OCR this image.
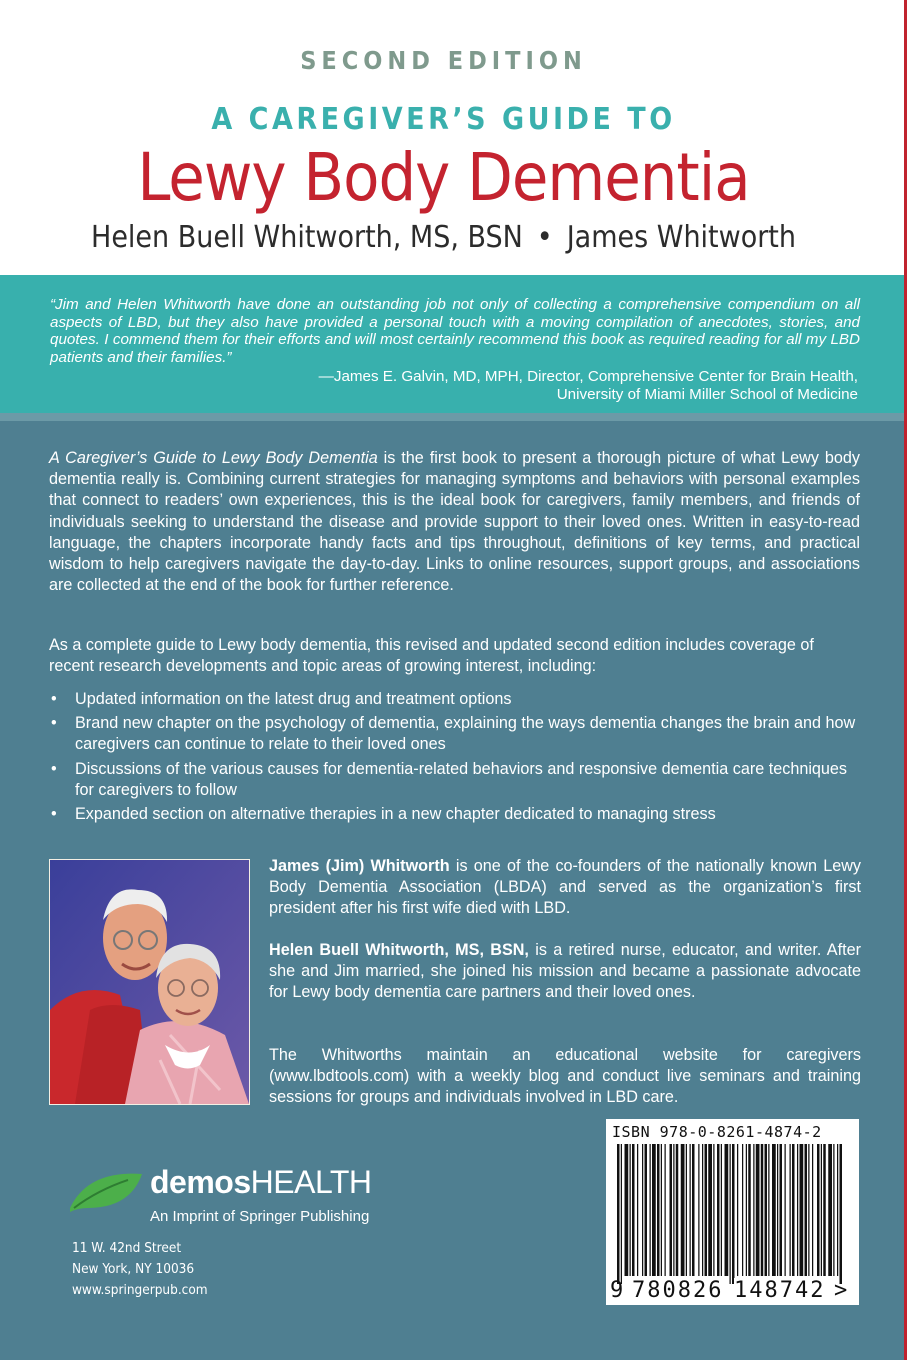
SECOND EDITION
A CAREGIVER’S GUIDE TO
Lewy Body Dementia
Helen Buell Whitworth, MS, BSN • James Whitworth
“Jim and Helen Whitworth have done an outstanding job not only of collecting a comprehensive compendium on all aspects of LBD, but they also have provided a personal touch with a moving compilation of anecdotes, stories, and quotes. I commend them for their efforts and will most certainly recommend this book as required reading for all my LBD patients and their families.”
—James E. Galvin, MD, MPH, Director, Comprehensive Center for Brain Health,
University of Miami Miller School of Medicine
A Caregiver’s Guide to Lewy Body Dementia is the first book to present a thorough picture of what Lewy body dementia really is. Combining current strategies for managing symptoms and behaviors with personal examples that connect to readers’ own experiences, this is the ideal book for caregivers, family members, and friends of individuals seeking to understand the disease and provide support to their loved ones. Written in easy-to-read language, the chapters incorporate handy facts and tips throughout, definitions of key terms, and practical wisdom to help caregivers navigate the day-to-day. Links to online resources, support groups, and associations are collected at the end of the book for further reference.
As a complete guide to Lewy body dementia, this revised and updated second edition includes coverage of recent research developments and topic areas of growing interest, including:
• Updated information on the latest drug and treatment options
• Brand new chapter on the psychology of dementia, explaining the ways dementia changes the brain and how caregivers can continue to relate to their loved ones
• Discussions of the various causes for dementia-related behaviors and responsive dementia care techniques for caregivers to follow
• Expanded section on alternative therapies in a new chapter dedicated to managing stress
James (Jim) Whitworth is one of the co-founders of the nationally known Lewy Body Dementia Association (LBDA) and served as the organization’s first president after his first wife died with LBD.
Helen Buell Whitworth, MS, BSN, is a retired nurse, educator, and writer. After she and Jim married, she joined his mission and became a passionate advocate for Lewy body dementia care partners and their loved ones.
The Whitworths maintain an educational website for caregivers (www.lbdtools.com) with a weekly blog and conduct live seminars and training sessions for groups and individuals involved in LBD care.
demosHEALTH
An Imprint of Springer Publishing
11 W. 42nd Street
New York, NY 10036
www.springerpub.com
ISBN 978-0-8261-4874-2
9 780826 148742 >
